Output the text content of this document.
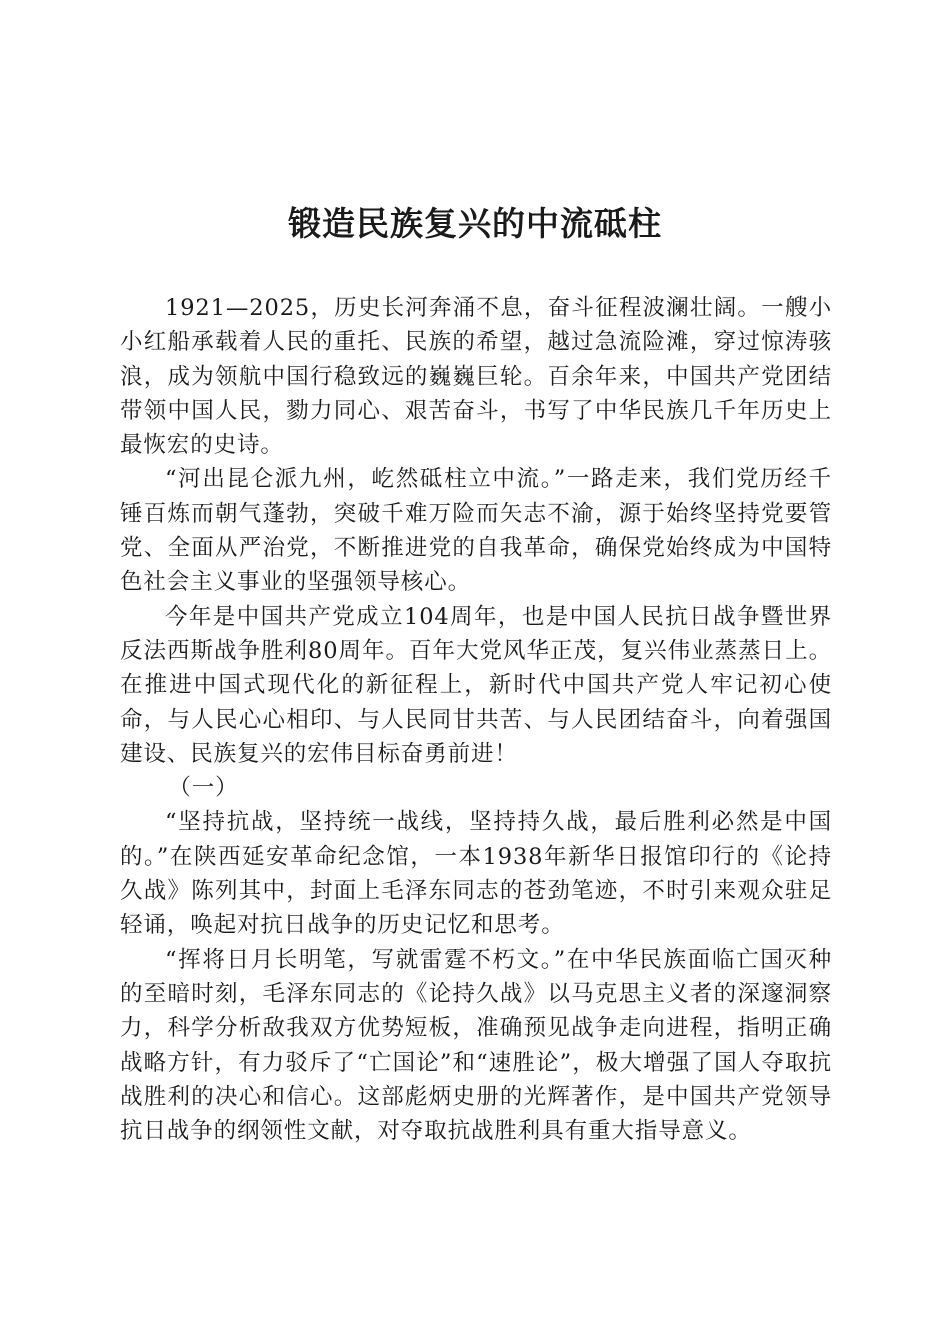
锻造民族复兴的中流砥柱

1921—2025，历史长河奔涌不息，奋斗征程波澜壮阔。一艘小小红船承载着人民的重托、民族的希望，越过急流险滩，穿过惊涛骇浪，成为领航中国行稳致远的巍巍巨轮。百余年来，中国共产党团结带领中国人民，勠力同心、艰苦奋斗，书写了中华民族几千年历史上最恢宏的史诗。

“河出昆仑派九州，屹然砥柱立中流。”一路走来，我们党历经千锤百炼而朝气蓬勃，突破千难万险而矢志不渝，源于始终坚持党要管党、全面从严治党，不断推进党的自我革命，确保党始终成为中国特色社会主义事业的坚强领导核心。

今年是中国共产党成立104周年，也是中国人民抗日战争暨世界反法西斯战争胜利80周年。百年大党风华正茂，复兴伟业蒸蒸日上。在推进中国式现代化的新征程上，新时代中国共产党人牢记初心使命，与人民心心相印、与人民同甘共苦、与人民团结奋斗，向着强国建设、民族复兴的宏伟目标奋勇前进！

（一）

“坚持抗战，坚持统一战线，坚持持久战，最后胜利必然是中国的。”在陕西延安革命纪念馆，一本1938年新华日报馆印行的《论持久战》陈列其中，封面上毛泽东同志的苍劲笔迹，不时引来观众驻足轻诵，唤起对抗日战争的历史记忆和思考。

“挥将日月长明笔，写就雷霆不朽文。”在中华民族面临亡国灭种的至暗时刻，毛泽东同志的《论持久战》以马克思主义者的深邃洞察力，科学分析敌我双方优势短板，准确预见战争走向进程，指明正确战略方针，有力驳斥了“亡国论”和“速胜论”，极大增强了国人夺取抗战胜利的决心和信心。这部彪炳史册的光辉著作，是中国共产党领导抗日战争的纲领性文献，对夺取抗战胜利具有重大指导意义。
